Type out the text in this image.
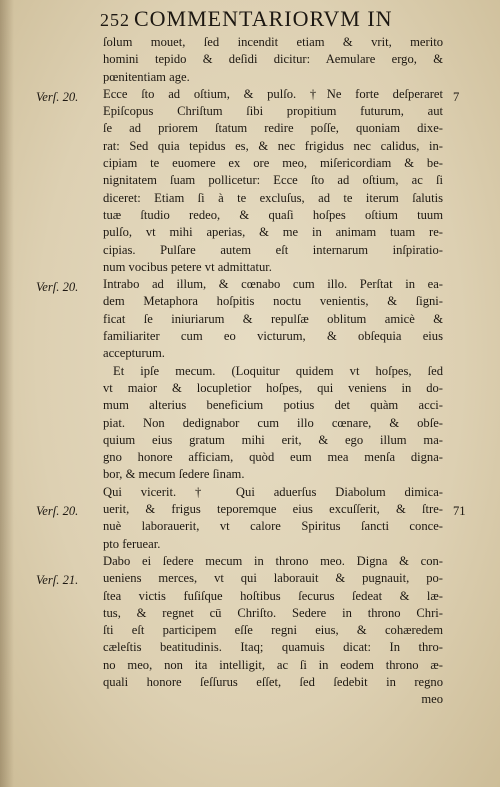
252 COMMENTARIORVM IN
Verſ. 20.
Verſ. 20.
Verſ. 20.
Verſ. 21.
7
71
ſolum mouet, ſed incendit etiam & vrit, merito
homini tepido & deſidi dicitur: Aemulare ergo, &
pœnitentiam age.
Ecce ſto ad oſtium, & pulſo. †Ne forte deſperaret
Epiſcopus Chriſtum ſibi propitium futurum, aut
ſe ad priorem ſtatum redire poſſe, quoniam dixe-
rat: Sed quia tepidus es, & nec frigidus nec calidus, in-
cipiam te euomere ex ore meo, miſericordiam & be-
nignitatem ſuam pollicetur: Ecce ſto ad oſtium, ac ſi
diceret: Etiam ſi à te excluſus, ad te iterum ſalutis
tuæ ſtudio redeo, & quaſi hoſpes oſtium tuum
pulſo, vt mihi aperias, & me in animam tuam re-
cipias. Pulſare autem eſt internarum inſpiratio-
num vocibus petere vt admittatur.
Intrabo ad illum, & cœnabo cum illo. Perſtat in ea-
dem Metaphora hoſpitis noctu venientis, & ſigni-
ficat ſe iniuriarum & repulſæ oblitum amicè &
familiariter cum eo victurum, & obſequia eius
accepturum.
Et ipſe mecum. (Loquitur quidem vt hoſpes, ſed
vt maior & locupletior hoſpes, qui veniens in do-
mum alterius beneficium potius det quàm acci-
piat. Non dedignabor cum illo cœnare, & obſe-
quium eius gratum mihi erit, & ego illum ma-
gno honore afficiam, quòd eum mea menſa digna-
bor, & mecum ſedere ſinam.
Qui vicerit. † Qui aduerſus Diabolum dimica-
uerit, & frigus teporemque eius excuſſerit, & ſtre-
nuè laborauerit, vt calore Spiritus ſancti conce-
pto feruear.
Dabo ei ſedere mecum in throno meo. Digna & con-
ueniens merces, vt qui laborauit & pugnauit, po-
ſtea victis fuſiſque hoſtibus ſecurus ſedeat & læ-
tus, & regnet cū Chriſto. Sedere in throno Chri-
ſti eſt participem eſſe regni eius, & cohæredem
cæleſtis beatitudinis. Itaq; quamuis dicat: In thro-
no meo, non ita intelligit, ac ſi in eodem throno æ-
quali honore ſeſſurus eſſet, ſed ſedebit in regno
meo
